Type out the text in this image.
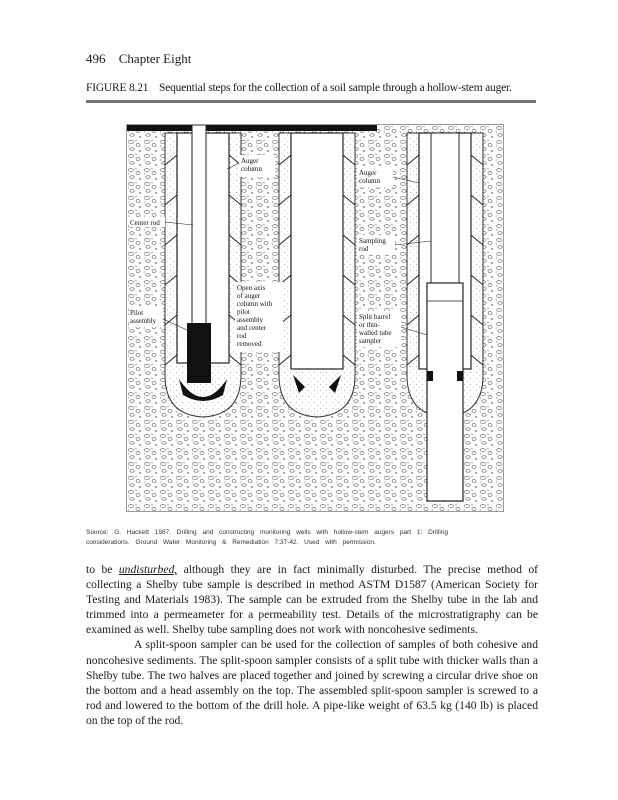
496 Chapter Eight
FIGURE 8.21 Sequential steps for the collection of a soil sample through a hollow-stem auger.
Auger
column
Center rod
Pilot
assembly
Open axis
of auger
column with
pilot
assembly
and center
rod
removed
Auger
column
Sampling
rod
Split barrel
or thin-
walled tube
sampler
Source: G. Hackett 1987. Drilling and constructing monitoring wells with hollow-stem augers part 1: Drilling
considerations. Ground Water Monitoring & Remediation 7:37-42. Used with permission.

to be undisturbed, although they are in fact minimally disturbed. The precise method of collecting a Shelby tube sample is described in method ASTM D1587 (American Society for Testing and Materials 1983). The sample can be extruded from the Shelby tube in the lab and trimmed into a permeameter for a permeability test. Details of the microstratigraphy can be examined as well. Shelby tube sampling does not work with noncohesive sediments.

A split-spoon sampler can be used for the collection of samples of both cohesive and noncohesive sediments. The split-spoon sampler consists of a split tube with thicker walls than a Shelby tube. The two halves are placed together and joined by screwing a circular drive shoe on the bottom and a head assembly on the top. The assembled split-spoon sampler is screwed to a rod and lowered to the bottom of the drill hole. A pipe-like weight of 63.5 kg (140 lb) is placed on the top of the rod.
